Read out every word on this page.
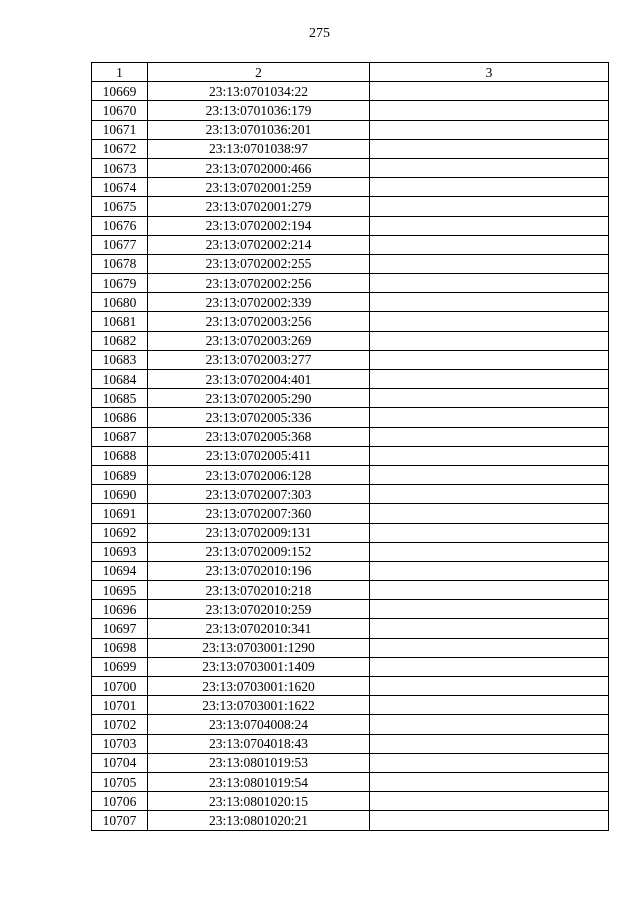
275
1	2	3
10669	23:13:0701034:22	
10670	23:13:0701036:179	
10671	23:13:0701036:201	
10672	23:13:0701038:97	
10673	23:13:0702000:466	
10674	23:13:0702001:259	
10675	23:13:0702001:279	
10676	23:13:0702002:194	
10677	23:13:0702002:214	
10678	23:13:0702002:255	
10679	23:13:0702002:256	
10680	23:13:0702002:339	
10681	23:13:0702003:256	
10682	23:13:0702003:269	
10683	23:13:0702003:277	
10684	23:13:0702004:401	
10685	23:13:0702005:290	
10686	23:13:0702005:336	
10687	23:13:0702005:368	
10688	23:13:0702005:411	
10689	23:13:0702006:128	
10690	23:13:0702007:303	
10691	23:13:0702007:360	
10692	23:13:0702009:131	
10693	23:13:0702009:152	
10694	23:13:0702010:196	
10695	23:13:0702010:218	
10696	23:13:0702010:259	
10697	23:13:0702010:341	
10698	23:13:0703001:1290	
10699	23:13:0703001:1409	
10700	23:13:0703001:1620	
10701	23:13:0703001:1622	
10702	23:13:0704008:24	
10703	23:13:0704018:43	
10704	23:13:0801019:53	
10705	23:13:0801019:54	
10706	23:13:0801020:15	
10707	23:13:0801020:21	
